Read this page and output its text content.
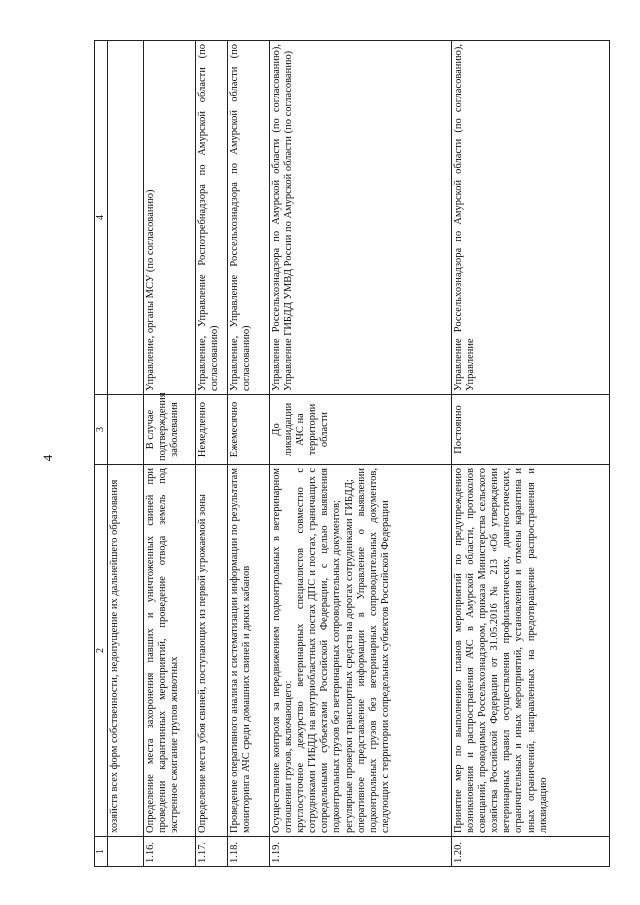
4
1	2	3	4

	хозяйств всех форм собственности, недопущение их дальнейшего образования		

1.16.	Определение места захоронения павших и уничтоженных свиней при проведении карантинных мероприятий, проведение отвода земель под экстренное сжигание трупов животных	В случае подтверждения заболевания	Управление, органы МСУ (по согласованию)
1.17.	Определение места убоя свиней, поступающих из первой угрожаемой зоны	Немедленно	Управление, Управление Роспотребнадзора по Амурской области (по согласованию)
1.18.	Проведение оперативного анализа и систематизации информации по результатам мониторинга АЧС среди домашних свиней и диких кабанов	Ежемесячно	Управление, Управление Россельхознадзора по Амурской области (по согласованию)
1.19.	Осуществление контроля за передвижением подконтрольных в ветеринарном отношении грузов, включающего: круглосуточное дежурство ветеринарных специалистов совместно с сотрудниками ГИБДД на внутриобластных постах ДПС и постах, граничащих с сопредельными субъектами Российской Федерации, с целью выявления подконтрольных грузов без ветеринарных сопроводительных документов; регулярные проверки транспортных средств на дорогах сотрудниками ГИБДД; оперативное представление информации в Управление о выявлении подконтрольных грузов без ветеринарных сопроводительных документов, следующих с территории сопредельных субъектов Российской Федерации	До ликвидации АЧС на территории области	Управление Россельхознадзора по Амурской области (по согласованию), Управление ГИБДД УМВД России по Амурской области (по согласованию)
1.20.	Принятие мер по выполнению планов мероприятий по предупреждению возникновения и распространения АЧС в Амурской области, протоколов совещаний, проводимых Россельхознадзором, приказа Министерства сельского хозяйства Российской Федерации от 31.05.2016 № 213 «Об утверждении ветеринарных правил осуществления профилактических, диагностических, ограничительных и иных мероприятий, установления и отмены карантина и иных ограничений, направленных на предотвращение распространения и ликвидацию	Постоянно	Управление Россельхознадзора по Амурской области (по согласованию), Управление
